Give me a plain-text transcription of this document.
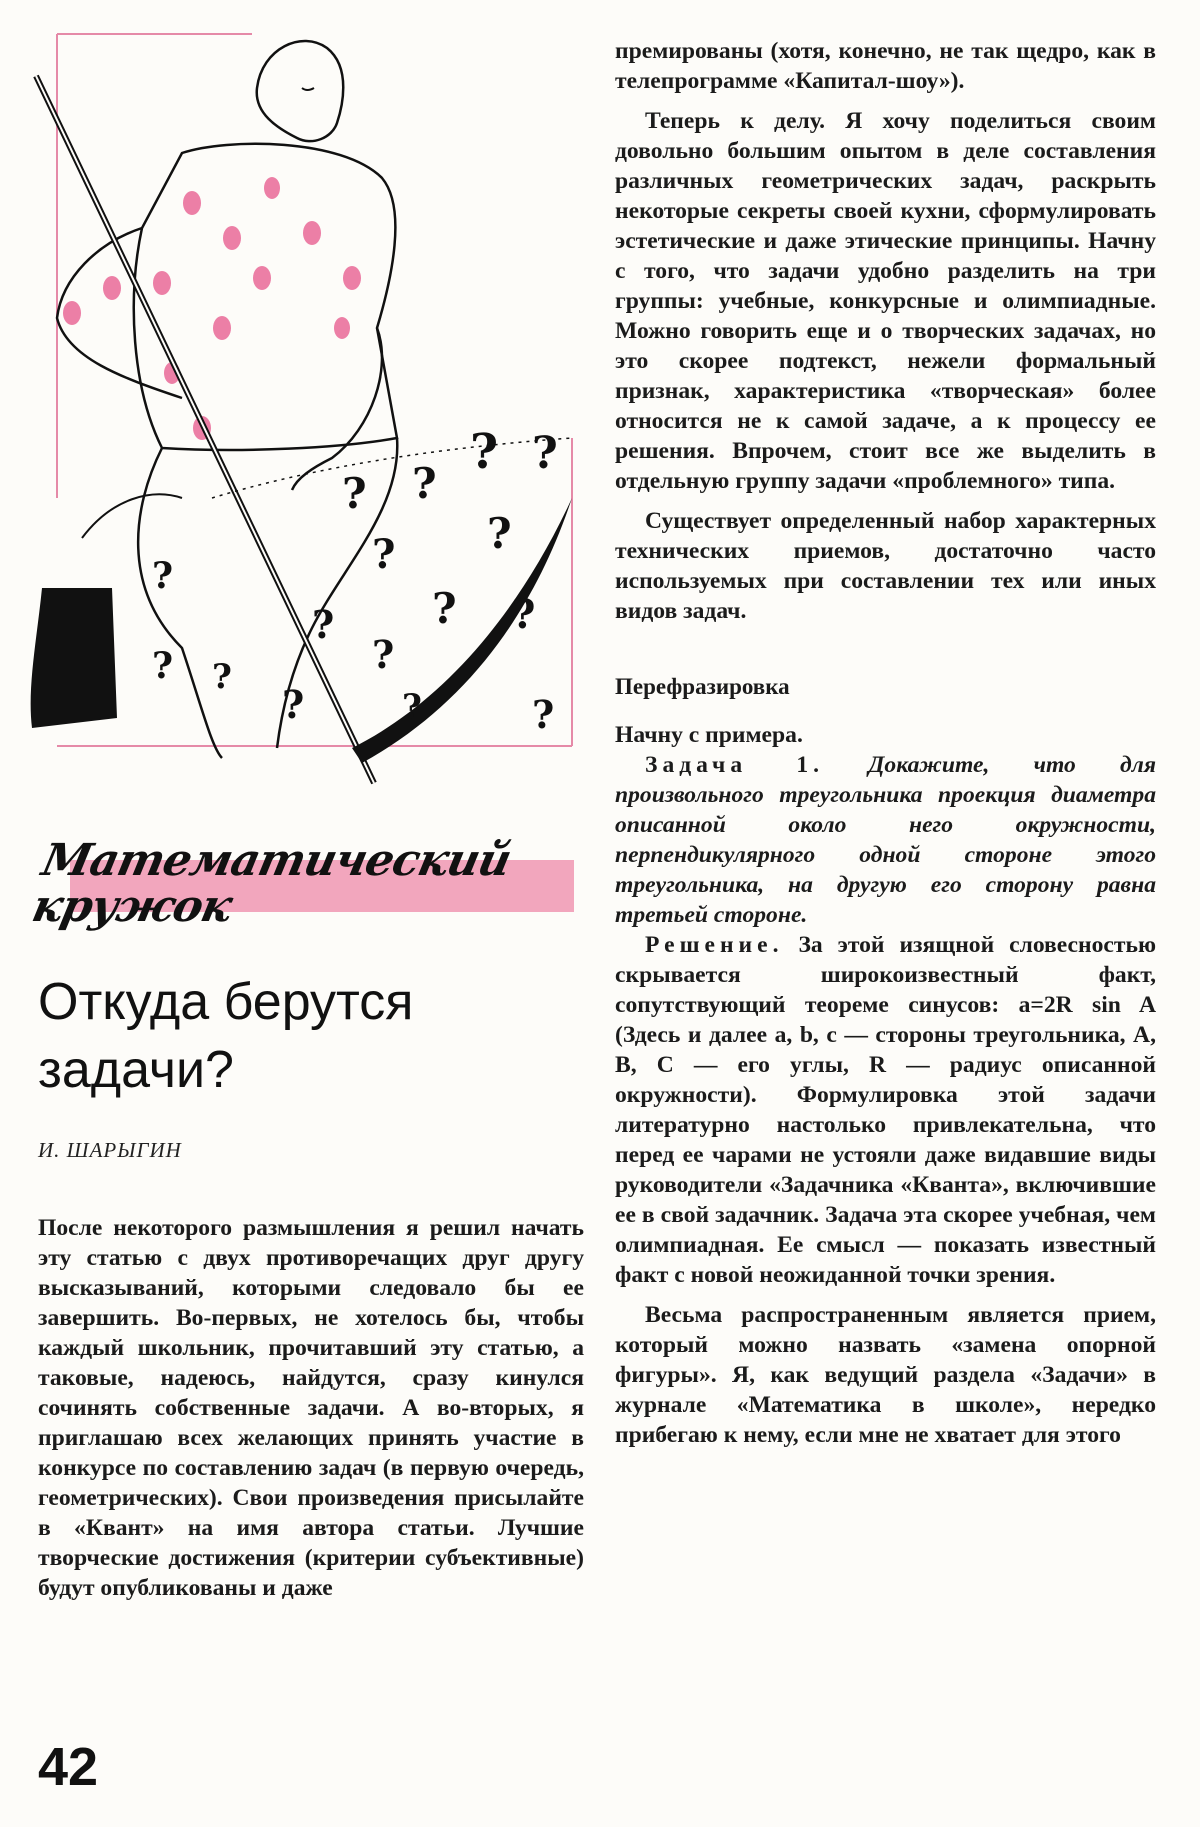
? ?
? ?
?
?
? ?
?
?
?	?
?
? ?
?
Математический
кружок
Откуда берутся задачи?
И. ШАРЫГИН

После некоторого размышления я решил начать эту статью с двух противоречащих друг другу высказываний, которыми следовало бы ее завершить. Во-первых, не хотелось бы, чтобы каждый школьник, прочитавший эту статью, а таковые, надеюсь, найдутся, сразу кинулся сочинять собственные задачи. А во-вторых, я приглашаю всех желающих принять участие в конкурсе по составлению задач (в первую очередь, геометрических). Свои произведения присылайте в «Квант» на имя автора статьи. Лучшие творческие достижения (критерии субъективные) будут опубликованы и даже

премированы (хотя, конечно, не так щедро, как в телепрограмме «Капитал-шоу»).

Теперь к делу. Я хочу поделиться своим довольно большим опытом в деле составления различных геометрических задач, раскрыть некоторые секреты своей кухни, сформулировать эстетические и даже этические принципы. Начну с того, что задачи удобно разделить на три группы: учебные, конкурсные и олимпиадные. Можно говорить еще и о творческих задачах, но это скорее подтекст, нежели формальный признак, характеристика «творческая» более относится не к самой задаче, а к процессу ее решения. Впрочем, стоит все же выделить в отдельную группу задачи «проблемного» типа.

Существует определенный набор характерных технических приемов, достаточно часто используемых при составлении тех или иных видов задач.

Перефразировка

Начну с примера.

Задача 1. Докажите, что для произвольного треугольника проекция диаметра описанной около него окружности, перпендикулярного одной стороне этого треугольника, на другую его сторону равна третьей стороне.

Решение. За этой изящной словесностью скрывается широкоизвестный факт, сопутствующий теореме синусов: a=2R sin A (Здесь и далее a, b, c — стороны треугольника, A, B, C — его углы, R — радиус описанной окружности). Формулировка этой задачи литературно настолько привлекательна, что перед ее чарами не устояли даже видавшие виды руководители «Задачника «Кванта», включившие ее в свой задачник. Задача эта скорее учебная, чем олимпиадная. Ее смысл — показать известный факт с новой неожиданной точки зрения.

Весьма распространенным является прием, который можно назвать «замена опорной фигуры». Я, как ведущий раздела «Задачи» в журнале «Математика в школе», нередко прибегаю к нему, если мне не хватает для этого

42
